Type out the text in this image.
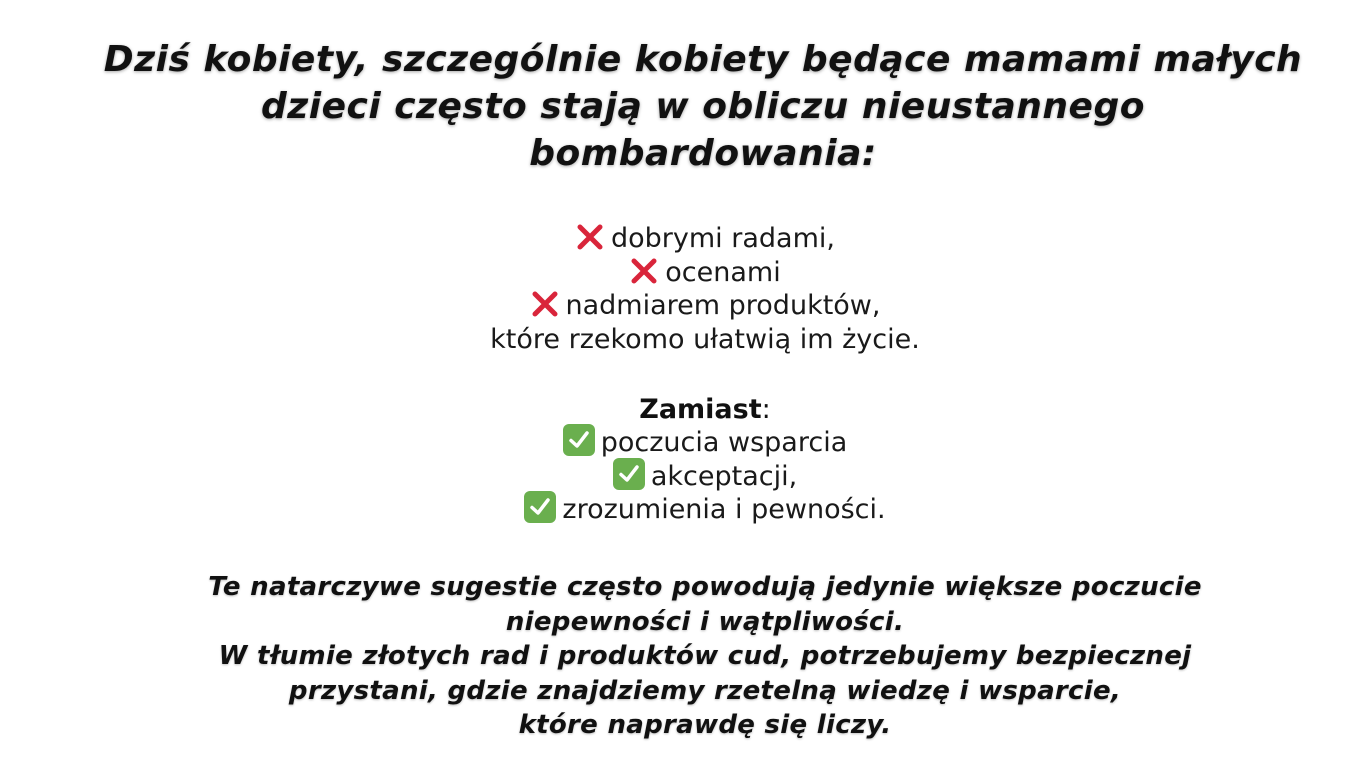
Dziś kobiety, szczególnie kobiety będące mamami małych
dzieci często stają w obliczu nieustannego
bombardowania:
dobrymi radami,
ocenami
nadmiarem produktów,
które rzekomo ułatwią im życie.

Zamiast:

poczucia wsparcia
akceptacji,
zrozumienia i pewności.

Te natarczywe sugestie często powodują jedynie większe poczucie
niepewności i wątpliwości.
W tłumie złotych rad i produktów cud, potrzebujemy bezpiecznej
przystani, gdzie znajdziemy rzetelną wiedzę i wsparcie,
które naprawdę się liczy.
